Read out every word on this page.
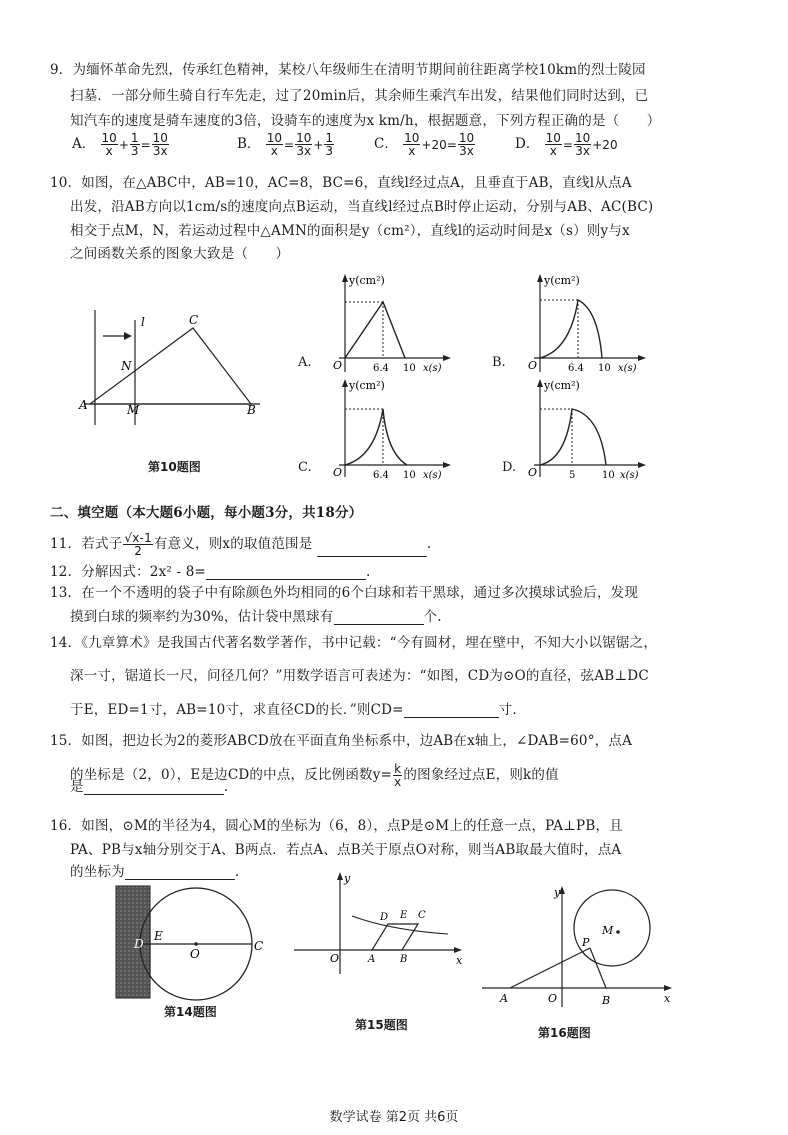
9．为缅怀革命先烈，传承红色精神，某校八年级师生在清明节期间前往距离学校10km的烈士陵园
扫墓．一部分师生骑自行车先走，过了20min后，其余师生乘汽车出发，结果他们同时达到，已
知汽车的速度是骑车速度的3倍，设骑车的速度为x km/h，根据题意，下列方程正确的是（　　）
A． $\frac{10}{x} + \frac{1}{3} = \frac{10}{3x}$	B． $\frac{10}{x} = \frac{10}{3x} + \frac{1}{3}$	C． $\frac{10}{x} +20= \frac{10}{3x}$	D． $\frac{10}{x} = \frac{10}{3x} +20$
10．如图，在△ABC中，AB=10，AC=8，BC=6，直线l经过点A，且垂直于AB，直线l从点A
出发，沿AB方向以1cm/s的速度向点B运动，当直线l经过点B时停止运动，分别与AB、AC(BC)
相交于点M，N，若运动过程中△AMN的面积是y（cm²），直线l的运动时间是x（s）则y与x
之间函数关系的图象大致是（　　）
l	C
N
A	M	B
第10题图
A.
y(cm²)
O	6.4 10 x(s)	B.
y(cm²)
O	6.4 10 x(s)
C.
y(cm²)
O	6.4 10 x(s)
D.
y(cm²)
O	5	10 x(s)
二、填空题（本大题6小题，每小题3分，共18分）
11．若式子 $\frac{√x-1}{2}$ 有意义，则x的取值范围是	.
12．分解因式：2x² - 8=	.
13．在一个不透明的袋子中有除颜色外均相同的6个白球和若干黑球，通过多次摸球试验后，发现
摸到白球的频率约为30%，估计袋中黑球有	个.
14．《九章算术》是我国古代著名数学著作，书中记载：“今有圆材，埋在壁中，不知大小以锯锯之，
深一寸，锯道长一尺，问径几何？”用数学语言可表述为：“如图，CD为⊙O的直径，弦AB⊥DC
于E，ED=1寸，AB=10寸，求直径CD的长．”则CD=	寸.
15．如图，把边长为2的菱形ABCD放在平面直角坐标系中，边AB在x轴上，∠DAB=60°，点A
的坐标是（2，0），E是边CD的中点，反比例函数$y= \frac{k}{x}$ 的图象经过点E，则k的值
是	.
16．如图，⊙M的半径为4，圆心M的坐标为（6，8），点P是⊙M上的任意一点，PA⊥PB，且
PA、PB与x轴分别交于A、B两点．若点A、点B关于原点O对称，则当AB取最大值时，点A
的坐标为	.
A
B
D
E
O
C
第14题图
y
x
O	A B
D E C
第15题图
y
x
O
A	B
P
M
第16题图
数学试卷 第2页 共6页
